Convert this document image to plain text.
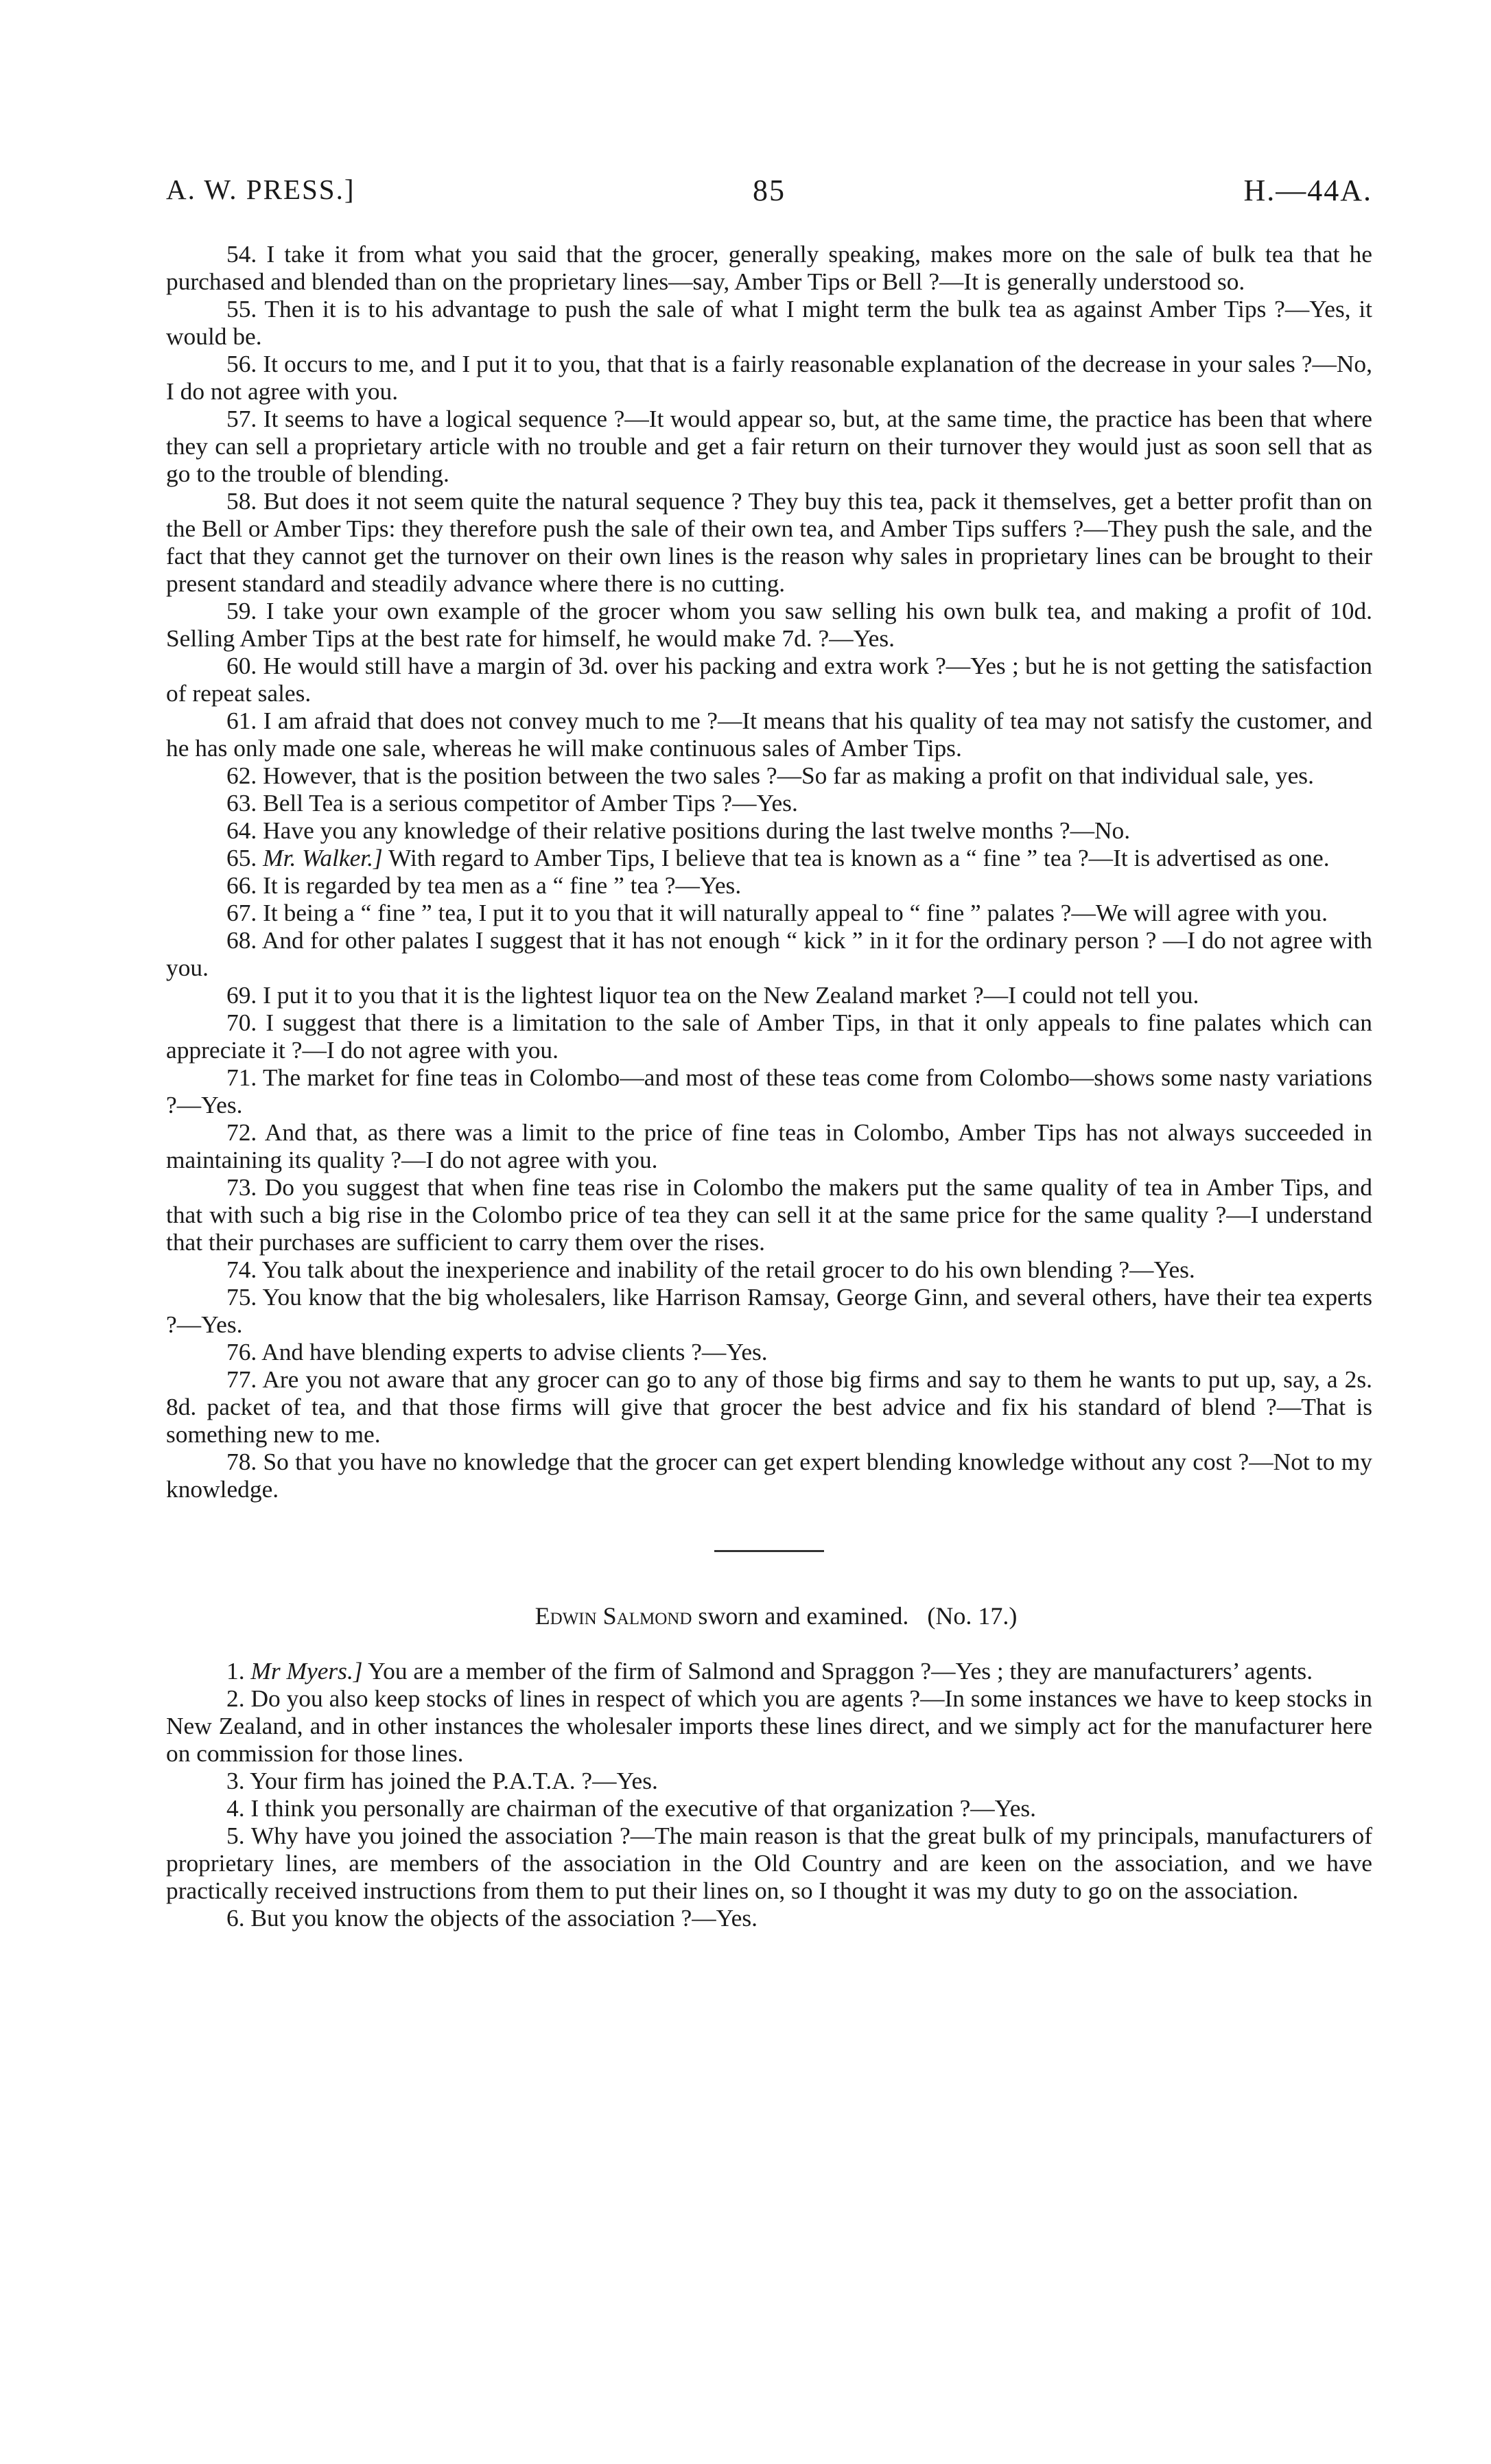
A. W. PRESS.]	85	H.—44A.

54. I take it from what you said that the grocer, generally speaking, makes more on the sale of bulk tea that he purchased and blended than on the proprietary lines—say, Amber Tips or Bell ?—It is generally understood so.

55. Then it is to his advantage to push the sale of what I might term the bulk tea as against Amber Tips ?—Yes, it would be.

56. It occurs to me, and I put it to you, that that is a fairly reasonable explanation of the decrease in your sales ?—No, I do not agree with you.

57. It seems to have a logical sequence ?—It would appear so, but, at the same time, the practice has been that where they can sell a proprietary article with no trouble and get a fair return on their turnover they would just as soon sell that as go to the trouble of blending.

58. But does it not seem quite the natural sequence ? They buy this tea, pack it themselves, get a better profit than on the Bell or Amber Tips: they therefore push the sale of their own tea, and Amber Tips suffers ?—They push the sale, and the fact that they cannot get the turnover on their own lines is the reason why sales in proprietary lines can be brought to their present standard and steadily advance where there is no cutting.

59. I take your own example of the grocer whom you saw selling his own bulk tea, and making a profit of 10d. Selling Amber Tips at the best rate for himself, he would make 7d. ?—Yes.

60. He would still have a margin of 3d. over his packing and extra work ?—Yes ; but he is not getting the satisfaction of repeat sales.

61. I am afraid that does not convey much to me ?—It means that his quality of tea may not satisfy the customer, and he has only made one sale, whereas he will make continuous sales of Amber Tips.

62. However, that is the position between the two sales ?—So far as making a profit on that individual sale, yes.

63. Bell Tea is a serious competitor of Amber Tips ?—Yes.

64. Have you any knowledge of their relative positions during the last twelve months ?—No.

65. Mr. Walker.] With regard to Amber Tips, I believe that tea is known as a “ fine ” tea ?—It is advertised as one.

66. It is regarded by tea men as a “ fine ” tea ?—Yes.

67. It being a “ fine ” tea, I put it to you that it will naturally appeal to “ fine ” palates ?—We will agree with you.

68. And for other palates I suggest that it has not enough “ kick ” in it for the ordinary person ? —I do not agree with you.

69. I put it to you that it is the lightest liquor tea on the New Zealand market ?—I could not tell you.

70. I suggest that there is a limitation to the sale of Amber Tips, in that it only appeals to fine palates which can appreciate it ?—I do not agree with you.

71. The market for fine teas in Colombo—and most of these teas come from Colombo—shows some nasty variations ?—Yes.

72. And that, as there was a limit to the price of fine teas in Colombo, Amber Tips has not always succeeded in maintaining its quality ?—I do not agree with you.

73. Do you suggest that when fine teas rise in Colombo the makers put the same quality of tea in Amber Tips, and that with such a big rise in the Colombo price of tea they can sell it at the same price for the same quality ?—I understand that their purchases are sufficient to carry them over the rises.

74. You talk about the inexperience and inability of the retail grocer to do his own blending ?—Yes.

75. You know that the big wholesalers, like Harrison Ramsay, George Ginn, and several others, have their tea experts ?—Yes.

76. And have blending experts to advise clients ?—Yes.

77. Are you not aware that any grocer can go to any of those big firms and say to them he wants to put up, say, a 2s. 8d. packet of tea, and that those firms will give that grocer the best advice and fix his standard of blend ?—That is something new to me.

78. So that you have no knowledge that the grocer can get expert blending knowledge without any cost ?—Not to my knowledge.

Edwin Salmond sworn and examined. (No. 17.)

1. Mr Myers.] You are a member of the firm of Salmond and Spraggon ?—Yes ; they are manufacturers’ agents.

2. Do you also keep stocks of lines in respect of which you are agents ?—In some instances we have to keep stocks in New Zealand, and in other instances the wholesaler imports these lines direct, and we simply act for the manufacturer here on commission for those lines.

3. Your firm has joined the P.A.T.A. ?—Yes.

4. I think you personally are chairman of the executive of that organization ?—Yes.

5. Why have you joined the association ?—The main reason is that the great bulk of my principals, manufacturers of proprietary lines, are members of the association in the Old Country and are keen on the association, and we have practically received instructions from them to put their lines on, so I thought it was my duty to go on the association.

6. But you know the objects of the association ?—Yes.
